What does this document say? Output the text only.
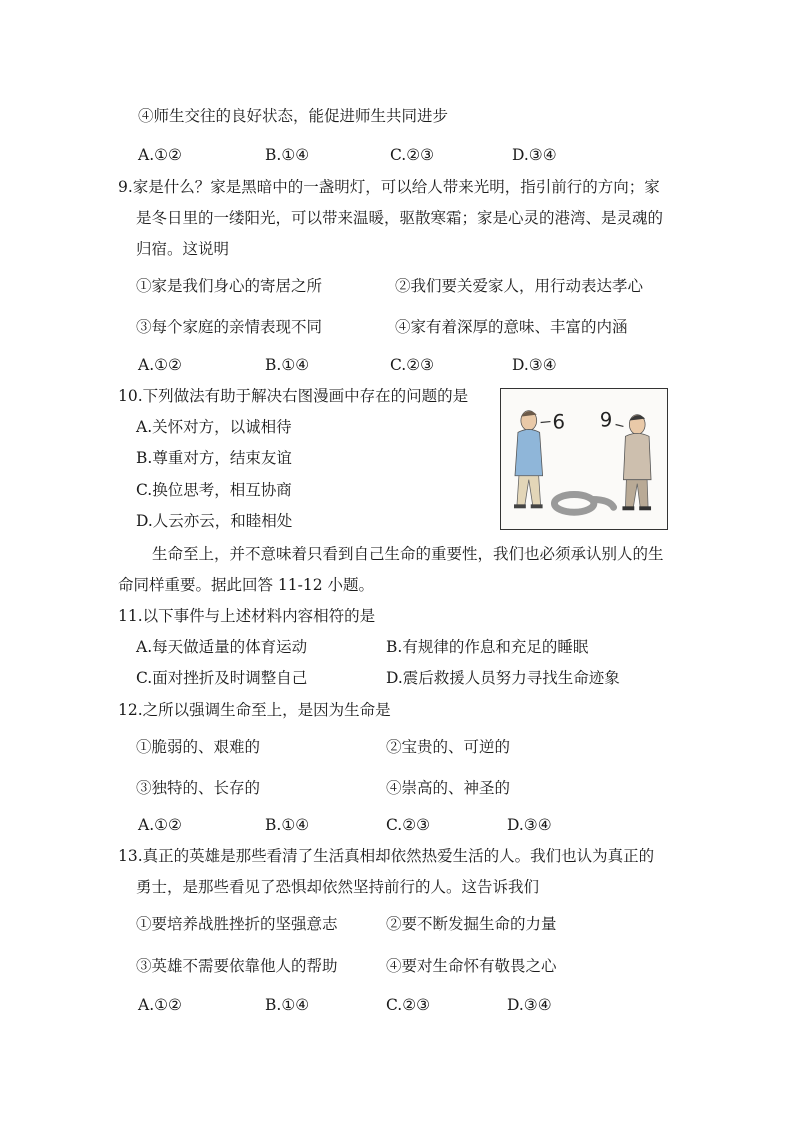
④师生交往的良好状态，能促进师生共同进步
A.①②	B.①④	C.②③	D.③④
9.家是什么？家是黑暗中的一盏明灯，可以给人带来光明，指引前行的方向；家
是冬日里的一缕阳光，可以带来温暖，驱散寒霜；家是心灵的港湾、是灵魂的
归宿。这说明
①家是我们身心的寄居之所	②我们要关爱家人，用行动表达孝心
③每个家庭的亲情表现不同	④家有着深厚的意味、丰富的内涵
A.①②	B.①④	C.②③	D.③④
10.下列做法有助于解决右图漫画中存在的问题的是
A.关怀对方，以诚相待
B.尊重对方，结束友谊
C.换位思考，相互协商
D.人云亦云，和睦相处
6 9
生命至上，并不意味着只看到自己生命的重要性，我们也必须承认别人的生
命同样重要。据此回答 11-12 小题。
11.以下事件与上述材料内容相符的是
A.每天做适量的体育运动	B.有规律的作息和充足的睡眠
C.面对挫折及时调整自己	D.震后救援人员努力寻找生命迹象
12.之所以强调生命至上，是因为生命是
①脆弱的、艰难的	②宝贵的、可逆的
③独特的、长存的	④崇高的、神圣的
A.①②	B.①④	C.②③	D.③④
13.真正的英雄是那些看清了生活真相却依然热爱生活的人。我们也认为真正的
勇士，是那些看见了恐惧却依然坚持前行的人。这告诉我们
①要培养战胜挫折的坚强意志	②要不断发掘生命的力量
③英雄不需要依靠他人的帮助	④要对生命怀有敬畏之心
A.①②	B.①④	C.②③	D.③④
